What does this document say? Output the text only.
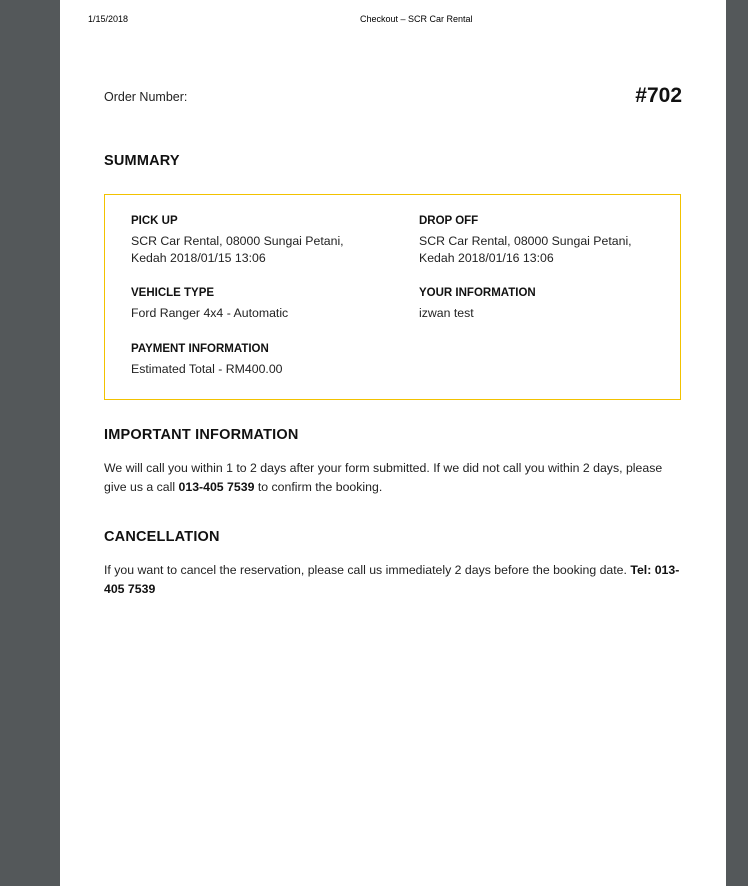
1/15/2018	Checkout – SCR Car Rental
Order Number:	#702
SUMMARY
PICK UP
SCR Car Rental, 08000 Sungai Petani,
Kedah 2018/01/15 13:06
DROP OFF
SCR Car Rental, 08000 Sungai Petani,
Kedah 2018/01/16 13:06
VEHICLE TYPE
Ford Ranger 4x4 - Automatic
YOUR INFORMATION
izwan test
PAYMENT INFORMATION
Estimated Total - RM400.00
IMPORTANT INFORMATION
We will call you within 1 to 2 days after your form submitted. If we did not call you within 2 days, please give us a call 013-405 7539 to confirm the booking.
CANCELLATION
If you want to cancel the reservation, please call us immediately 2 days before the booking date. Tel: 013-405 7539
